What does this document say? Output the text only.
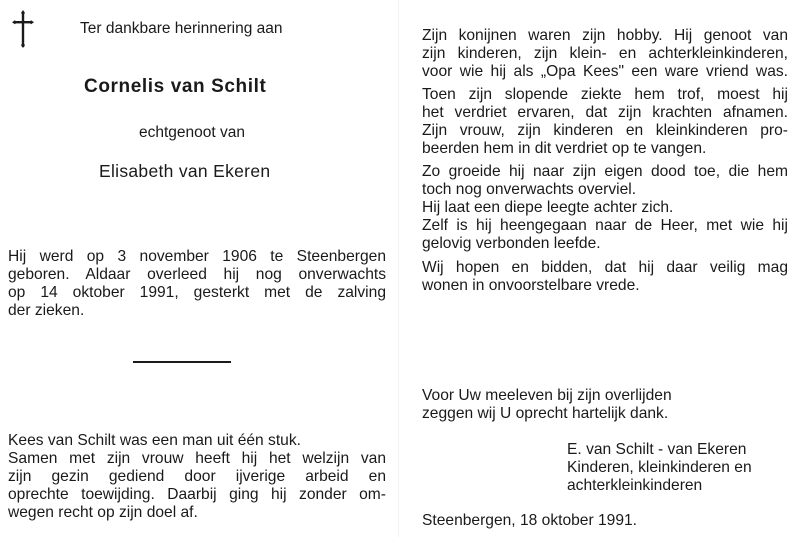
Ter dankbare herinnering aan
Cornelis van Schilt
echtgenoot van
Elisabeth van Ekeren
Hij werd op 3 november 1906 te Steenbergen
geboren. Aldaar overleed hij nog onverwachts
op 14 oktober 1991, gesterkt met de zalving
der zieken.
Kees van Schilt was een man uit één stuk.
Samen met zijn vrouw heeft hij het welzijn van
zijn gezin gediend door ijverige arbeid en
oprechte toewijding. Daarbij ging hij zonder om-
wegen recht op zijn doel af.
Zijn konijnen waren zijn hobby. Hij genoot van
zijn kinderen, zijn klein- en achterkleinkinderen,
voor wie hij als „Opa Kees" een ware vriend was.
Toen zijn slopende ziekte hem trof, moest hij
het verdriet ervaren, dat zijn krachten afnamen.
Zijn vrouw, zijn kinderen en kleinkinderen pro-
beerden hem in dit verdriet op te vangen.
Zo groeide hij naar zijn eigen dood toe, die hem
toch nog onverwachts overviel.
Hij laat een diepe leegte achter zich.
Zelf is hij heengegaan naar de Heer, met wie hij
gelovig verbonden leefde.
Wij hopen en bidden, dat hij daar veilig mag
wonen in onvoorstelbare vrede.
Voor Uw meeleven bij zijn overlijden
zeggen wij U oprecht hartelijk dank.
E. van Schilt - van Ekeren
Kinderen, kleinkinderen en
achterkleinkinderen
Steenbergen, 18 oktober 1991.
